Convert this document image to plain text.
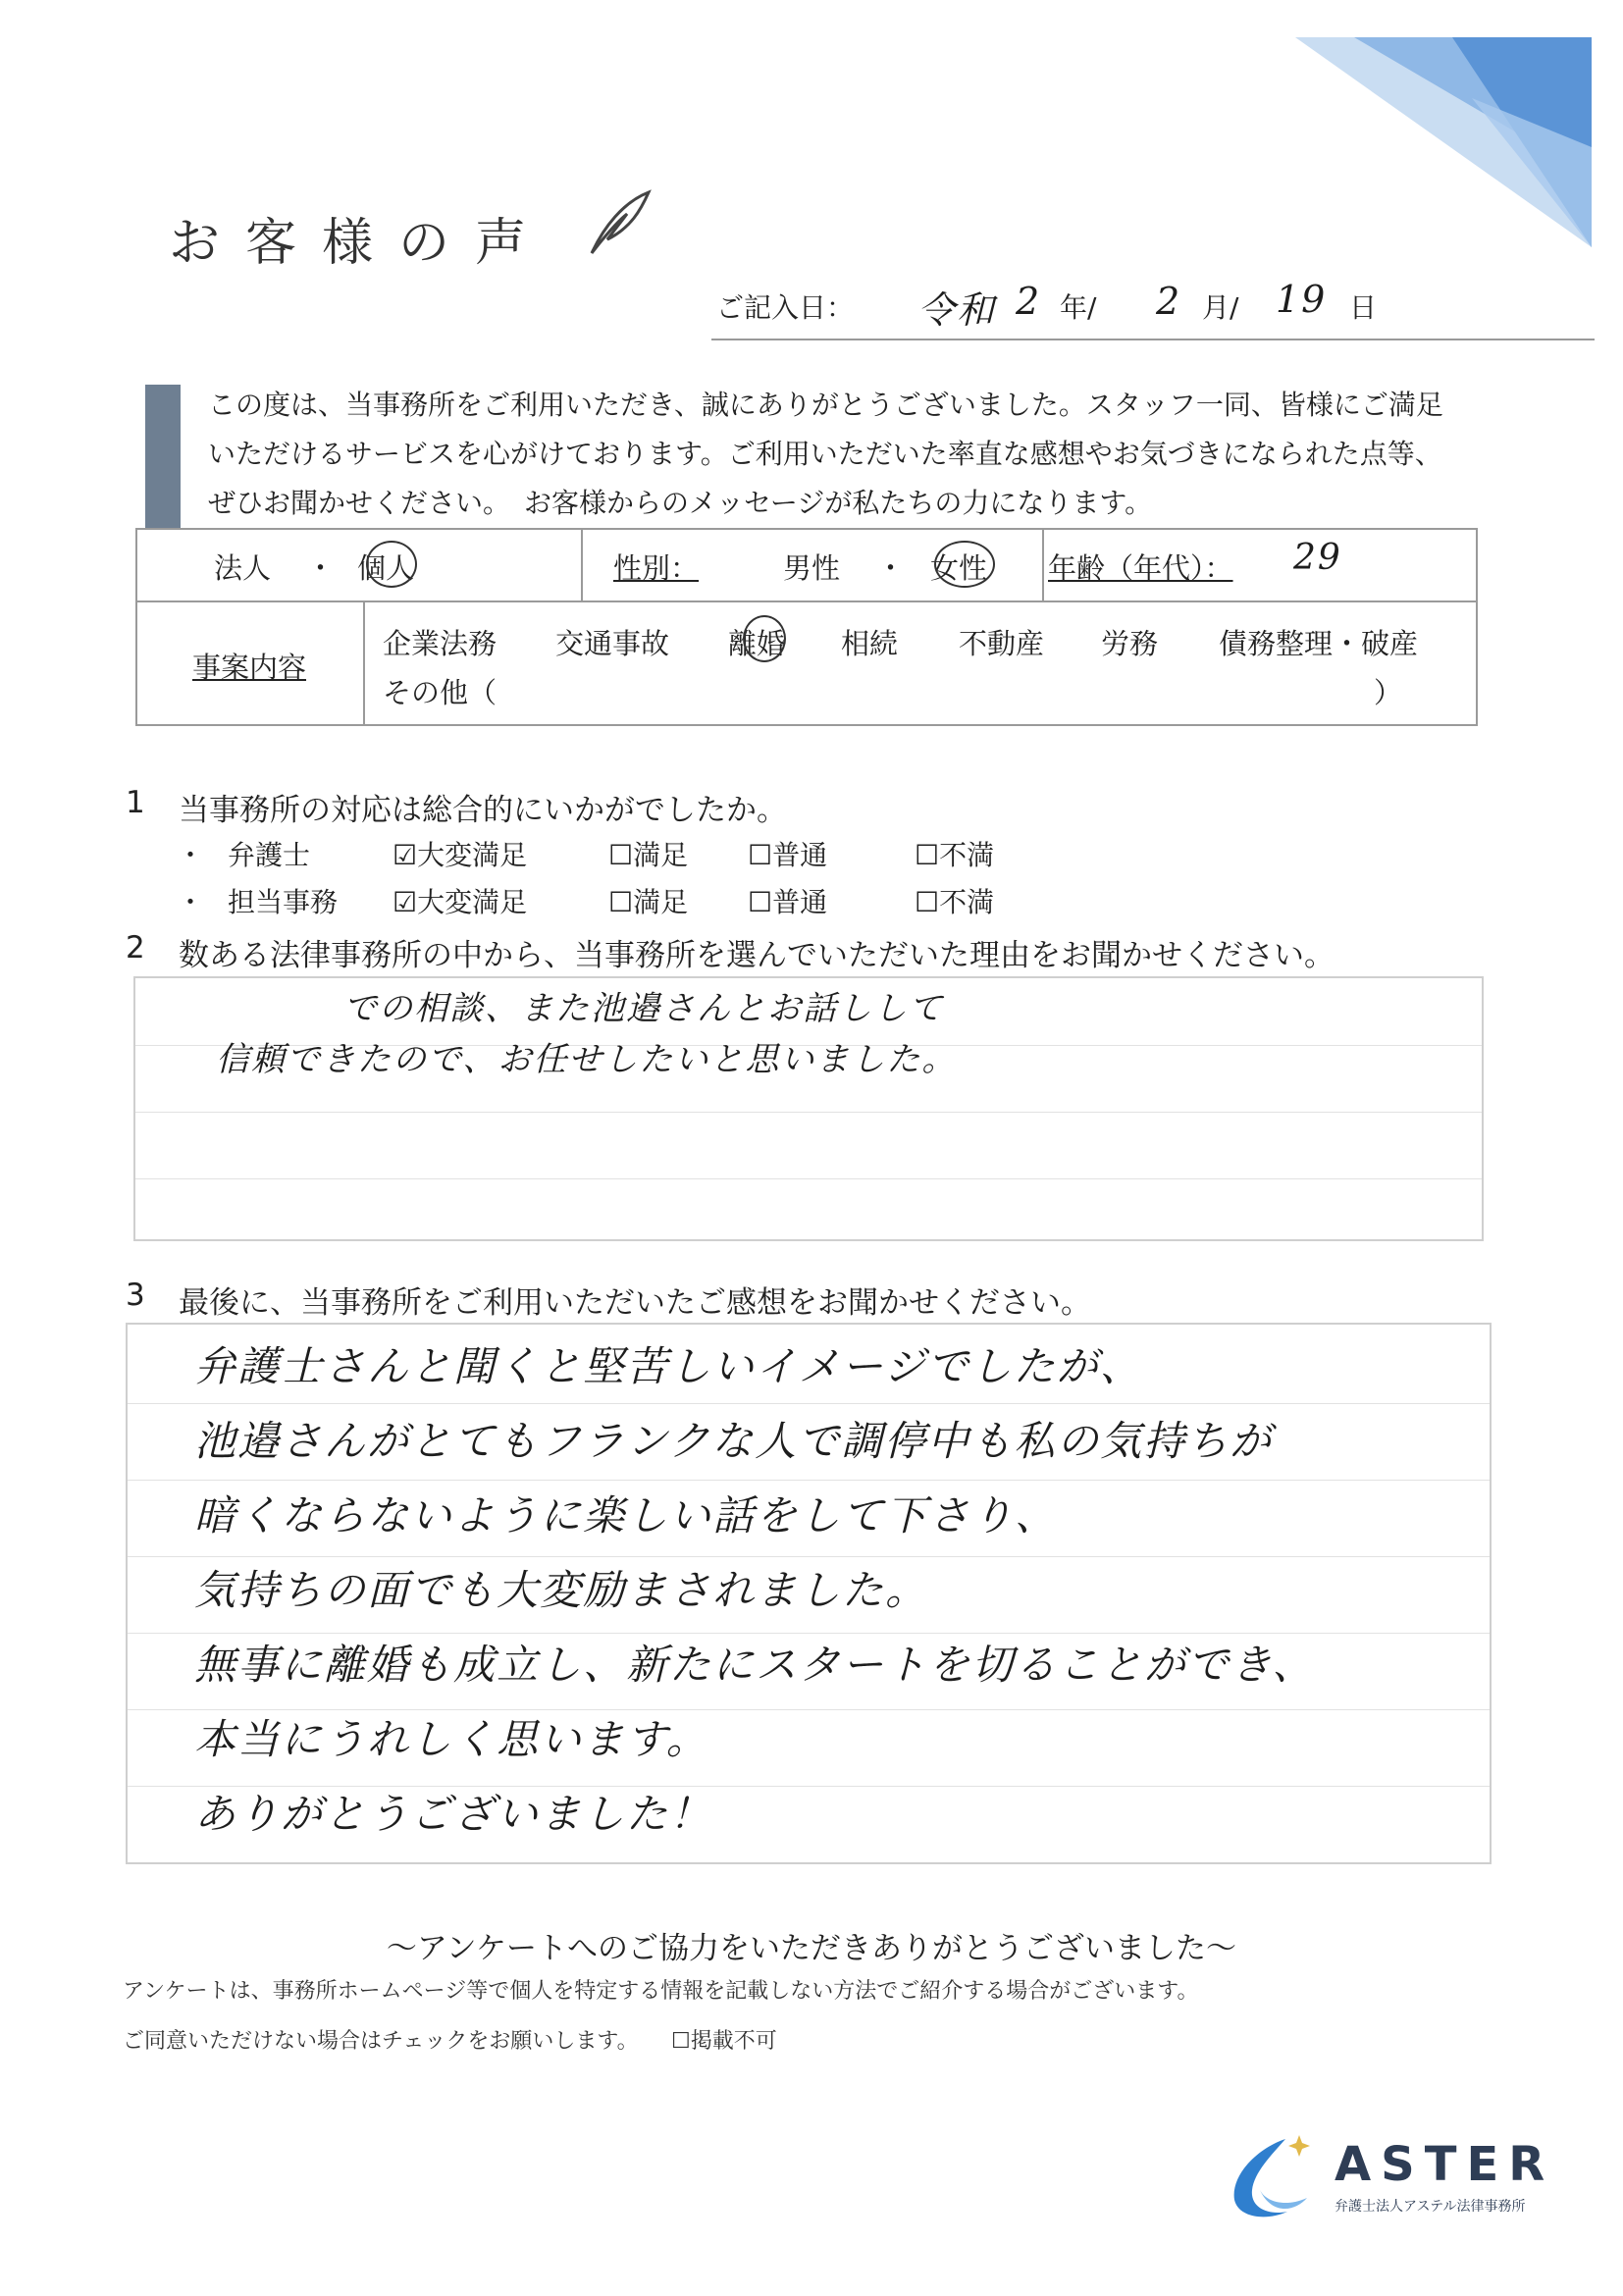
お客様の声
ご記入日： 令和 2 年/ 2 月/ 19 日
この度は、当事務所をご利用いただき、誠にありがとうございました。スタッフ一同、皆様にご満足
いただけるサービスを心がけております。ご利用いただいた率直な感想やお気づきになられた点等、
ぜひお聞かせください。　お客様からのメッセージが私たちの力になります。
法人 ・ 個人	性別：	男性 ・ 女性 年齢（年代）： 29
事案内容
企業法務 交通事故 離婚 相続 不動産 労務 債務整理・破産
その他（	）
1 当事務所の対応は総合的にいかがでしたか。
・ 弁護士	☑大変満足	☐満足 ☐普通	☐不満
・ 担当事務 ☑大変満足	☐満足 ☐普通	☐不満
2 数ある法律事務所の中から、当事務所を選んでいただいた理由をお聞かせください。
での相談、また池邉さんとお話しして
信頼できたので、お任せしたいと思いました。
3 最後に、当事務所をご利用いただいたご感想をお聞かせください。
弁護士さんと聞くと堅苦しいイメージでしたが、
池邉さんがとてもフランクな人で調停中も私の気持ちが
暗くならないように楽しい話をして下さり、
気持ちの面でも大変励まされました。
無事に離婚も成立し、新たにスタートを切ることができ、
本当にうれしく思います。
ありがとうございました！
〜アンケートへのご協力をいただきありがとうございました〜
アンケートは、事務所ホームページ等で個人を特定する情報を記載しない方法でご紹介する場合がございます。
ご同意いただけない場合はチェックをお願いします。 ☐掲載不可
ASTER
弁護士法人アステル法律事務所
